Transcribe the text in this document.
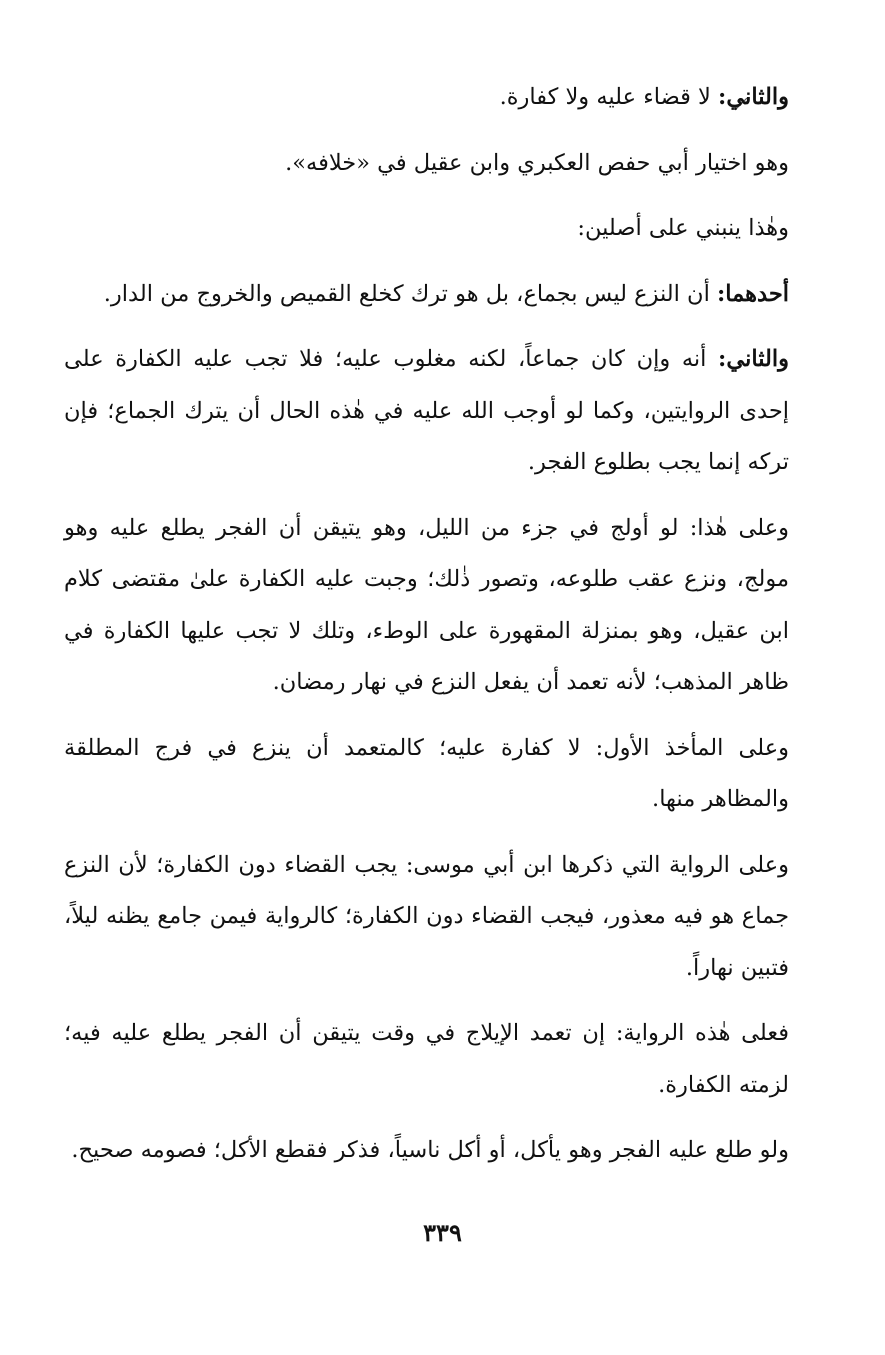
والثاني: لا قضاء عليه ولا كفارة.

وهو اختيار أبي حفص العكبري وابن عقيل في «خلافه».

وهٰذا ينبني على أصلين:

أحدهما: أن النزع ليس بجماع، بل هو ترك كخلع القميص والخروج من الدار.

والثاني: أنه وإن كان جماعاً، لكنه مغلوب عليه؛ فلا تجب عليه الكفارة على إحدى الروايتين، وكما لو أوجب الله عليه في هٰذه الحال أن يترك الجماع؛ فإن تركه إنما يجب بطلوع الفجر.

وعلى هٰذا: لو أولج في جزء من الليل، وهو يتيقن أن الفجر يطلع عليه وهو مولج، ونزع عقب طلوعه، وتصور ذٰلك؛ وجبت عليه الكفارة علىٰ مقتضى كلام ابن عقيل، وهو بمنزلة المقهورة على الوطء، وتلك لا تجب عليها الكفارة في ظاهر المذهب؛ لأنه تعمد أن يفعل النزع في نهار رمضان.

وعلى المأخذ الأول: لا كفارة عليه؛ كالمتعمد أن ينزع في فرج المطلقة والمظاهر منها.

وعلى الرواية التي ذكرها ابن أبي موسى: يجب القضاء دون الكفارة؛ لأن النزع جماع هو فيه معذور، فيجب القضاء دون الكفارة؛ كالرواية فيمن جامع يظنه ليلاً، فتبين نهاراً.

فعلى هٰذه الرواية: إن تعمد الإيلاج في وقت يتيقن أن الفجر يطلع عليه فيه؛ لزمته الكفارة.

ولو طلع عليه الفجر وهو يأكل، أو أكل ناسياً، فذكر فقطع الأكل؛ فصومه صحيح.

٣٣٩
